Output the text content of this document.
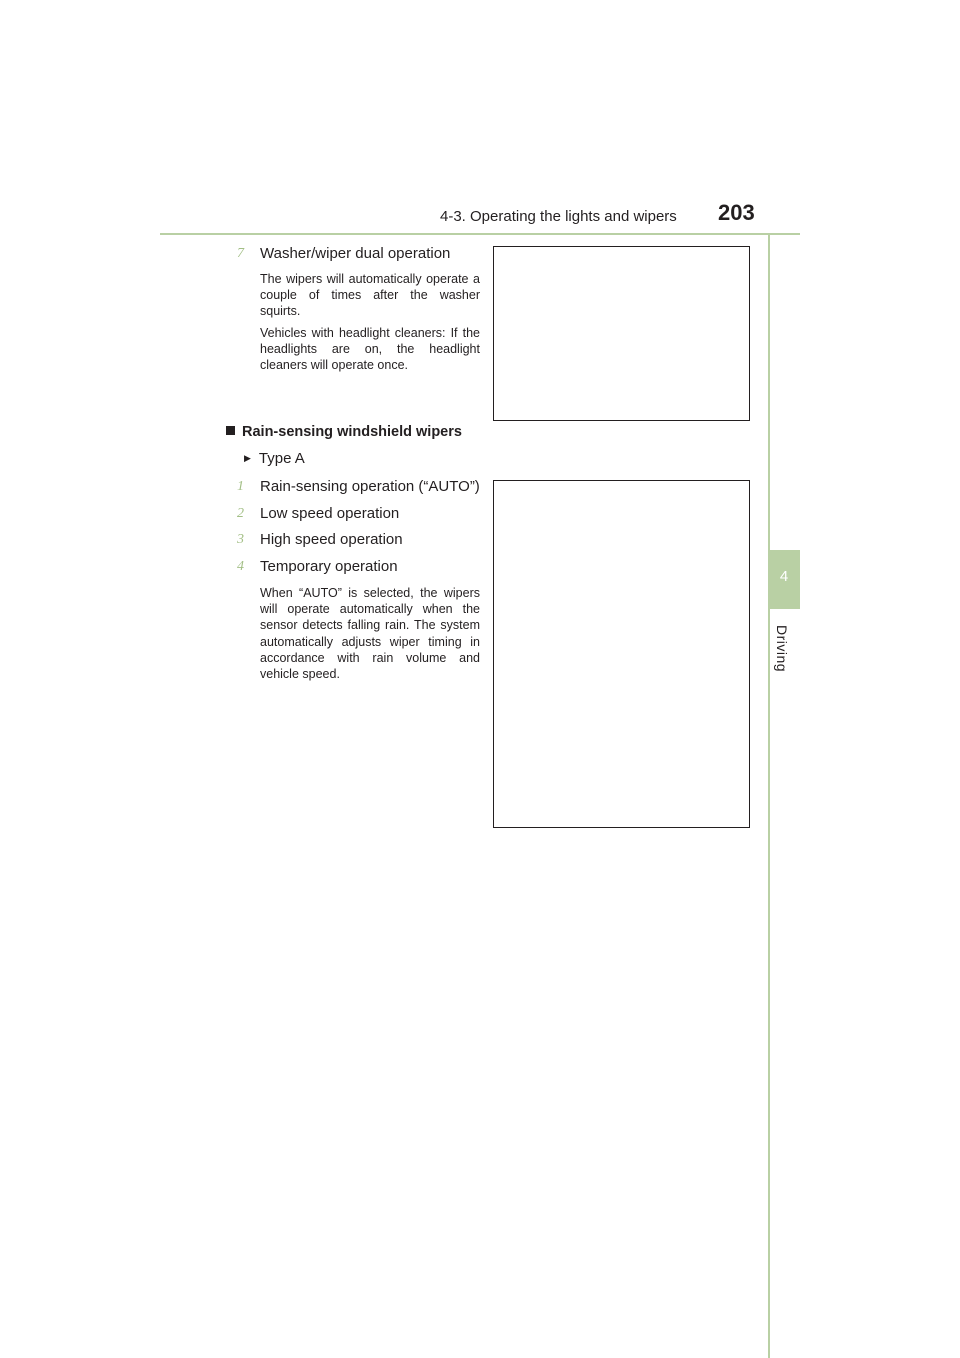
4-3. Operating the lights and wipers 203
4
Driving
7 Washer/wiper dual operation
The wipers will automatically operate a couple of times after the washer squirts.
Vehicles with headlight cleaners: If the headlights are on, the headlight cleaners will operate once.
Rain-sensing windshield wipers
▶ Type A
1 Rain-sensing operation (“AUTO”)
2 Low speed operation
3 High speed operation
4 Temporary operation
When “AUTO” is selected, the wipers will operate automatically when the sensor detects falling rain. The system automatically adjusts wiper timing in accordance with rain volume and vehicle speed.
